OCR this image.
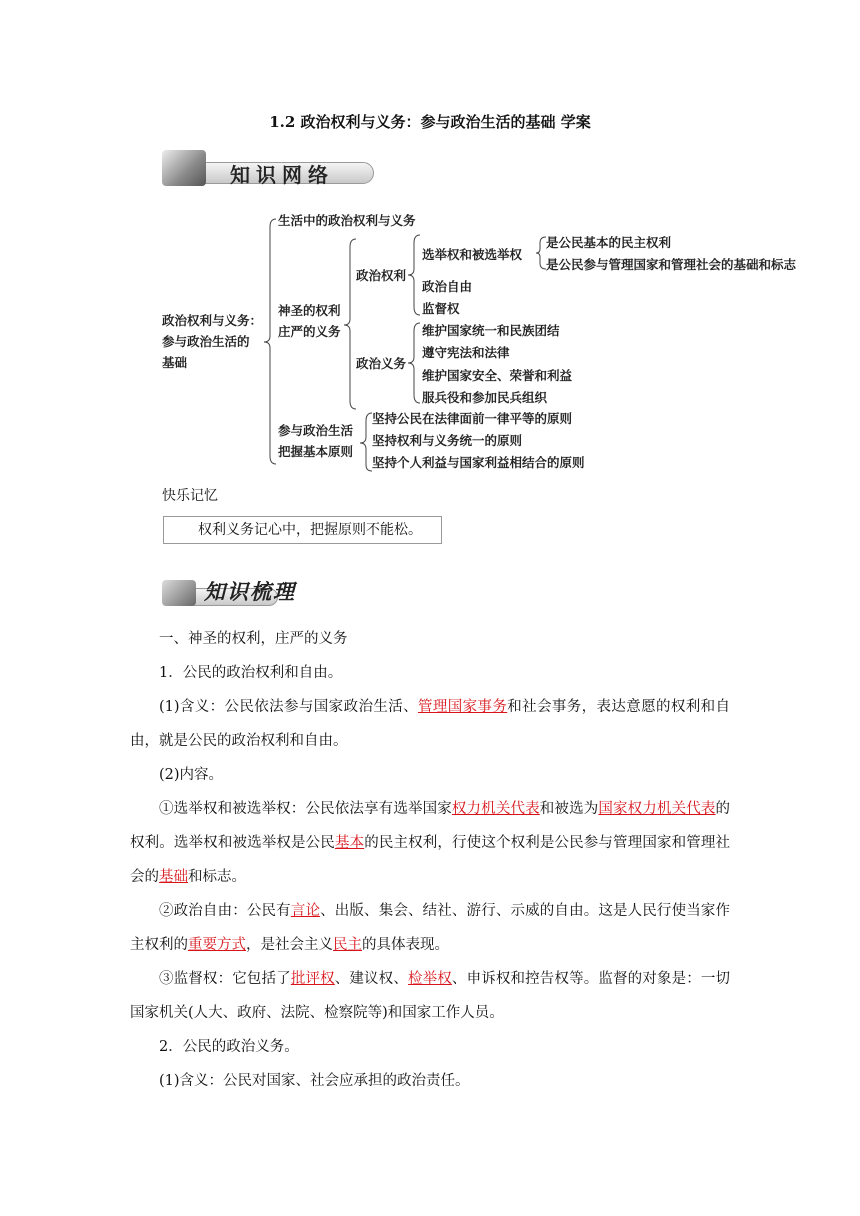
1.2 政治权利与义务：参与政治生活的基础 学案
知识网络
政治权利与义务：
参与政治生活的
基础
生活中的政治权利与义务
神圣的权利
庄严的义务
政治权利
选举权和被选举权
是公民基本的民主权利
是公民参与管理国家和管理社会的基础和标志
政治自由
监督权
政治义务
维护国家统一和民族团结
遵守宪法和法律
维护国家安全、荣誉和利益
服兵役和参加民兵组织
参与政治生活
把握基本原则
坚持公民在法律面前一律平等的原则
坚持权利与义务统一的原则
坚持个人利益与国家利益相结合的原则
快乐记忆
权利义务记心中，把握原则不能松。
知识梳理

一、神圣的权利，庄严的义务

1．公民的政治权利和自由。

(1)含义：公民依法参与国家政治生活、管理国家事务和社会事务，表达意愿的权利和自由，就是公民的政治权利和自由。

(2)内容。

①选举权和被选举权：公民依法享有选举国家权力机关代表和被选为国家权力机关代表的权利。选举权和被选举权是公民基本的民主权利，行使这个权利是公民参与管理国家和管理社会的基础和标志。

②政治自由：公民有言论、出版、集会、结社、游行、示威的自由。这是人民行使当家作主权利的重要方式，是社会主义民主的具体表现。

③监督权：它包括了批评权、建议权、检举权、申诉权和控告权等。监督的对象是：一切国家机关(人大、政府、法院、检察院等)和国家工作人员。

2．公民的政治义务。

(1)含义：公民对国家、社会应承担的政治责任。
